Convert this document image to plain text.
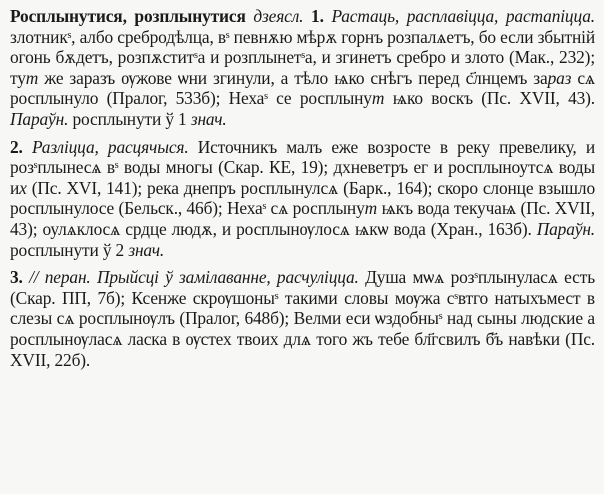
Росплынутися, розплынутися дзеясл. 1. Растаць, расплавіцца, растапіцца. злотникˢ, албо сребродѣлца, вˢ певнѫю мѣрѫ горнъ розпалѧетъ, бо если збытній огонь бѫдетъ, розпѫститˢа и розплынетˢа, и згинетъ сребро и злото (Мак., 232); тут же заразъ ѹжове ѡни згинули, а тѣло ѩко снѣгъ перед с҃лнцемъ зараз сѧ росплынуло (Пралог, 533б); Нехаˢ се росплынут ѩко воскъ (Пс. XVII, 43). Параўн. росплынути ў 1 знач.

2. Разліцца, расцячыся. Источникъ малъ еже возросте в реку превелику, и розˢплынесѧ вˢ воды многы (Скар. КЕ, 19); дхневетръ ег и росплыноутсѧ воды их (Пс. XVI, 141); река днепръ росплынулсѧ (Барк., 164); скоро слонце взышло росплынулосе (Бельск., 46б); Нехаˢ сѧ росплынут ѩкъ вода текучаѩ (Пс. XVII, 43); оулѧклосѧ срдце людѫ, и росплынѹлосѧ ѩкѡ вода (Хран., 163б). Параўн. росплынути ў 2 знач.

3. // перан. Прыйсці ў замілаванне, расчуліцца. Душа мѡѧ розˢплынуласѧ есть (Скар. ПП, 7б); Ксенже скрѹшоныˢ такими словы мѹжа сˢвтго натыхъмест в слезы сѧ росплынѹлъ (Пралог, 648б); Велми еси ѡздобныˢ над сыны людские а росплынѹласѧ ласка в ѹстех твоих длѧ того жъ тебе бл҃гсвилъ б҃ъ навѣки (Пс. XVII, 22б).
